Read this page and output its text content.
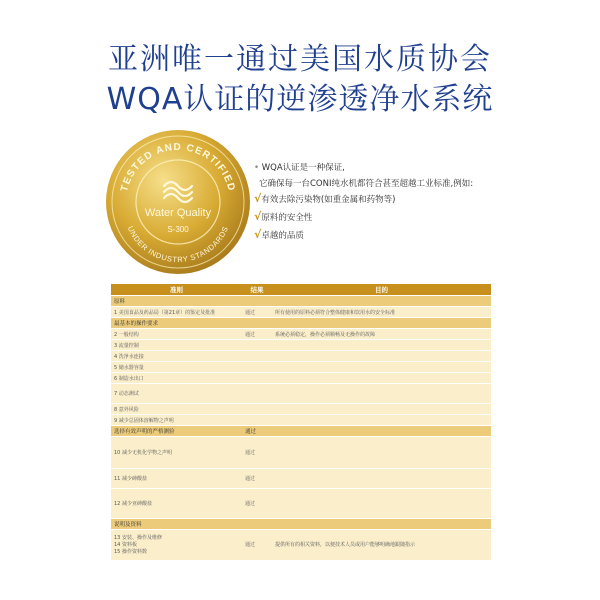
亚洲唯一通过美国水质协会
WQA认证的逆渗透净水系统
TESTED AND CERTIFIED
UNDER INDUSTRY STANDARDS
Water Quality
S-300
• WQA认证是一种保证,
它确保每一台CONI纯水机都符合甚至超越工业标准,例如:
√有效去除污染物(如重金属和药物等)
√原料的安全性
√卓越的品质
准则	结果	目的
原料		
1 美国食品及药品局（第21章）的鉴定及批准	通过	所有使用的原料必须符合整体健康和饮用水的安全标准
最基本的操作要求		
2 一般结构	通过	系统必须稳定，操作必须顺畅及无操作的故障
3 流量控制		
4 洗净水连接		
5 储水器容量		
6 制造水出口		
7 动态测试		
8 意外风险		
9 减少总固体溶解物之声明		
选择有效声明的严格测验	通过	
10 减少无机化学物之声明	通过	
11 减少砷酸盐	通过	
12 减少亚砷酸盐	通过	
说明及资料		
13 安装、操作及维修
14 资料板
15 操作资料数	通过	提供所有的相关资料，以便技术人员或用户能够明确地跟随指示
